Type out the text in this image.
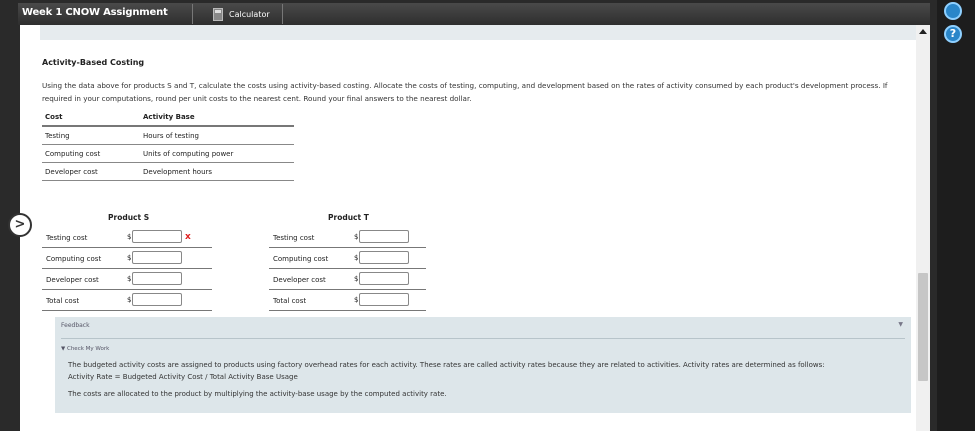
Week 1 CNOW Assignment	Calculator
?
Activity-Based Costing
Using the data above for products S and T, calculate the costs using activity-based costing. Allocate the costs of testing, computing, and development based on the rates of activity consumed by each product's development process. If required in your computations, round per unit costs to the nearest cent. Round your final answers to the nearest dollar.
Cost	Activity Base
Testing	Hours of testing
Computing cost	Units of computing power
Developer cost	Development hours
Product S
Testing cost	$	x
Computing cost	$
Developer cost	$
Total cost	$
Product T
Testing cost	$
Computing cost	$
Developer cost	$
Total cost	$
Feedback	▼
▼ Check My Work
The budgeted activity costs are assigned to products using factory overhead rates for each activity. These rates are called activity rates because they are related to activities. Activity rates are determined as follows:
Activity Rate = Budgeted Activity Cost / Total Activity Base Usage
The costs are allocated to the product by multiplying the activity-base usage by the computed activity rate.
>
